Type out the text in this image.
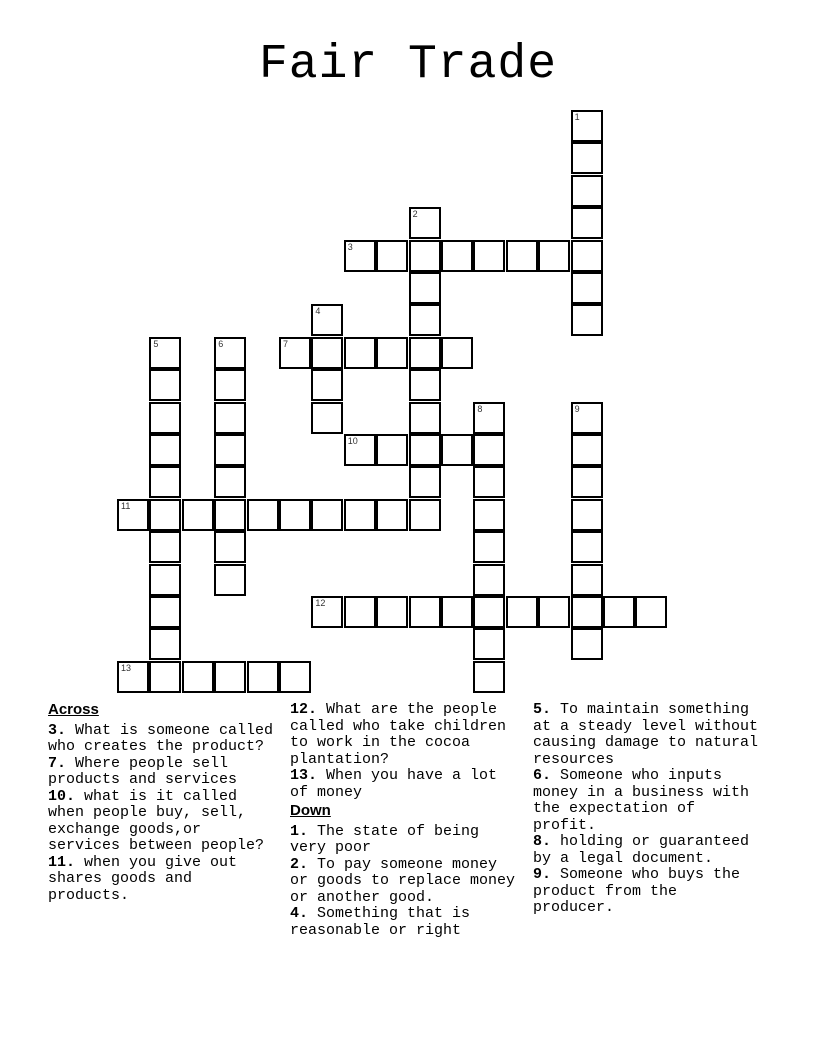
Fair Trade
1
2
3
4
5	6	7
8	9
10
11
12
13

Across

3. What is someone called who creates the product?

7. Where people sell products and services

10. what is it called when people buy, sell, exchange goods,or services between people?

11. when you give out shares goods and products.

12. What are the people called who take children to work in the cocoa plantation?

13. When you have a lot of money

Down

1. The state of being very poor

2. To pay someone money or goods to replace money or another good.

4. Something that is reasonable or right

5. To maintain something at a steady level without causing damage to natural resources

6. Someone who inputs money in a business with the expectation of profit.

8. holding or guaranteed by a legal document.

9. Someone who buys the product from the producer.
